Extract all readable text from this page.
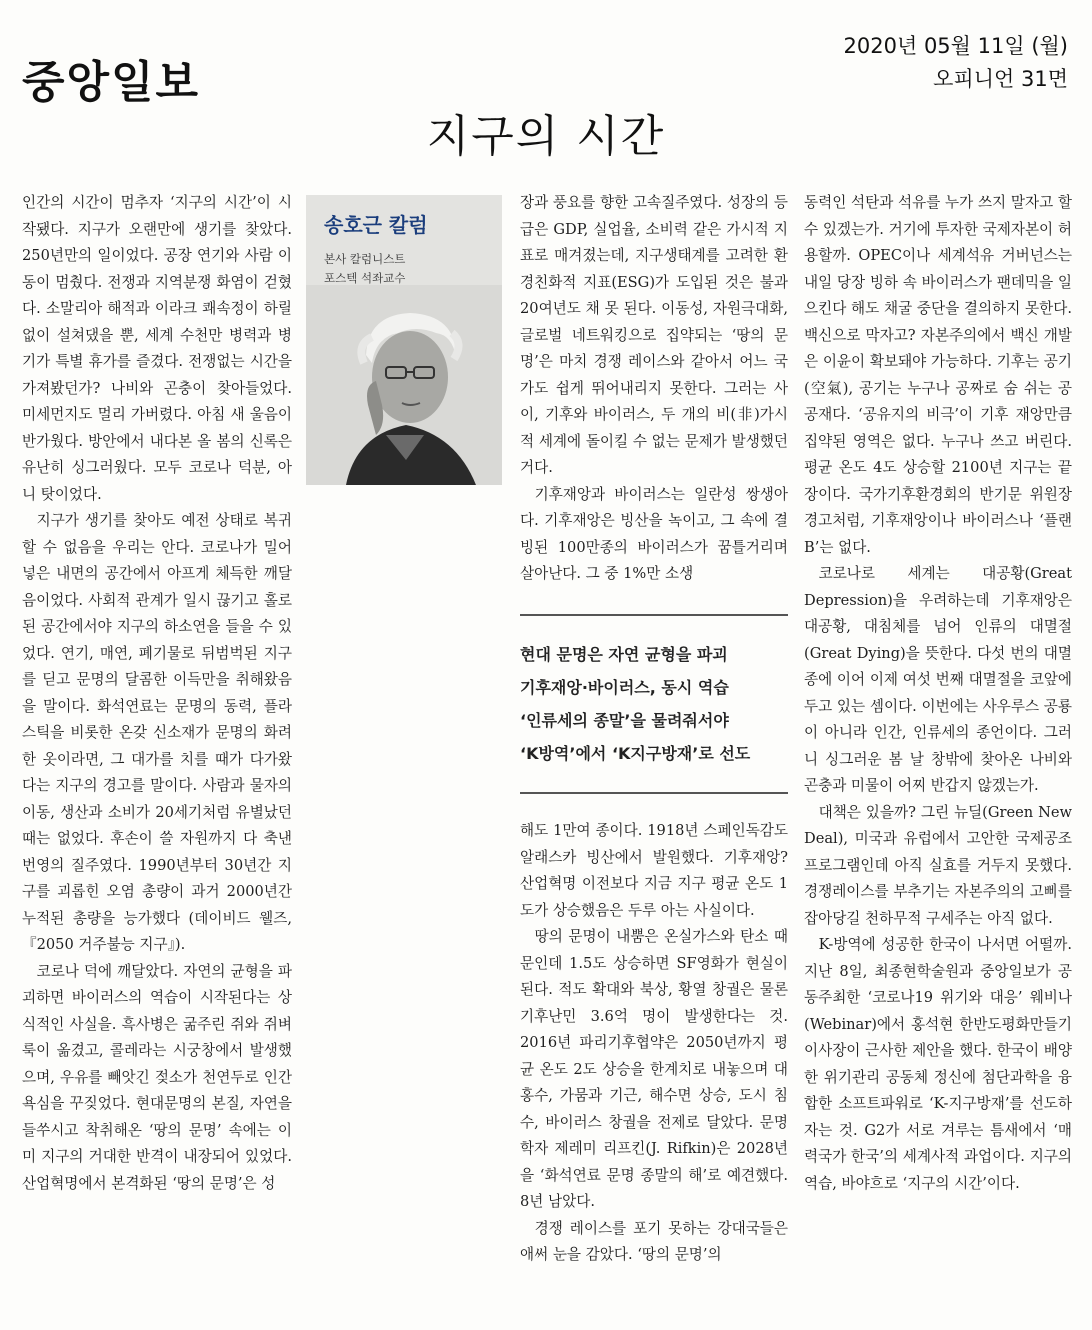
중앙일보
2020년 05월 11일 (월)
오피니언 31면
지구의 시간

인간의 시간이 멈추자 ‘지구의 시간’이 시작됐다. 지구가 오랜만에 생기를 찾았다. 250년만의 일이었다. 공장 연기와 사람 이동이 멈췄다. 전쟁과 지역분쟁 화염이 걷혔다. 소말리아 해적과 이라크 쾌속정이 하릴없이 설쳐댔을 뿐, 세계 수천만 병력과 병기가 특별 휴가를 즐겼다. 전쟁없는 시간을 가져봤던가? 나비와 곤충이 찾아들었다. 미세먼지도 멀리 가버렸다. 아침 새 울음이 반가웠다. 방안에서 내다본 올 봄의 신록은 유난히 싱그러웠다. 모두 코로나 덕분, 아니 탓이었다.

지구가 생기를 찾아도 예전 상태로 복귀할 수 없음을 우리는 안다. 코로나가 밀어 넣은 내면의 공간에서 아프게 체득한 깨달음이었다. 사회적 관계가 일시 끊기고 홀로된 공간에서야 지구의 하소연을 들을 수 있었다. 연기, 매연, 폐기물로 뒤범벅된 지구를 딛고 문명의 달콤한 이득만을 취해왔음을 말이다. 화석연료는 문명의 동력, 플라스틱을 비롯한 온갖 신소재가 문명의 화려한 옷이라면, 그 대가를 치를 때가 다가왔다는 지구의 경고를 말이다. 사람과 물자의 이동, 생산과 소비가 20세기처럼 유별났던 때는 없었다. 후손이 쓸 자원까지 다 축낸 번영의 질주였다. 1990년부터 30년간 지구를 괴롭힌 오염 총량이 과거 2000년간 누적된 총량을 능가했다 (데이비드 웰즈, 『2050 거주불능 지구』).

코로나 덕에 깨달았다. 자연의 균형을 파괴하면 바이러스의 역습이 시작된다는 상식적인 사실을. 흑사병은 굶주린 쥐와 쥐벼룩이 옮겼고, 콜레라는 시궁창에서 발생했으며, 우유를 빼앗긴 젖소가 천연두로 인간 욕심을 꾸짖었다. 현대문명의 본질, 자연을 들쑤시고 착취해온 ‘땅의 문명’ 속에는 이미 지구의 거대한 반격이 내장되어 있었다. 산업혁명에서 본격화된 ‘땅의 문명’은 성

송호근 칼럼
본사 칼럼니스트
포스텍 석좌교수

장과 풍요를 향한 고속질주였다. 성장의 등급은 GDP, 실업율, 소비력 같은 가시적 지표로 매겨졌는데, 지구생태계를 고려한 환경친화적 지표(ESG)가 도입된 것은 불과 20여년도 채 못 된다. 이동성, 자원극대화, 글로벌 네트워킹으로 집약되는 ‘땅의 문명’은 마치 경쟁 레이스와 같아서 어느 국가도 쉽게 뛰어내리지 못한다. 그러는 사이, 기후와 바이러스, 두 개의 비(非)가시적 세계에 돌이킬 수 없는 문제가 발생했던 거다.

기후재앙과 바이러스는 일란성 쌍생아다. 기후재앙은 빙산을 녹이고, 그 속에 결빙된 100만종의 바이러스가 꿈틀거리며 살아난다. 그 중 1%만 소생

현대 문명은 자연 균형을 파괴
기후재앙·바이러스, 동시 역습
‘인류세의 종말’을 물려줘서야
‘K방역’에서 ‘K지구방재’로 선도

해도 1만여 종이다. 1918년 스페인독감도 알래스카 빙산에서 발원했다. 기후재앙? 산업혁명 이전보다 지금 지구 평균 온도 1도가 상승했음은 두루 아는 사실이다.

땅의 문명이 내뿜은 온실가스와 탄소 때문인데 1.5도 상승하면 SF영화가 현실이 된다. 적도 확대와 북상, 황열 창궐은 물론 기후난민 3.6억 명이 발생한다는 것. 2016년 파리기후협약은 2050년까지 평균 온도 2도 상승을 한계치로 내놓으며 대홍수, 가뭄과 기근, 해수면 상승, 도시 침수, 바이러스 창궐을 전제로 달았다. 문명학자 제레미 리프킨(J. Rifkin)은 2028년을 ‘화석연료 문명 종말의 해’로 예견했다. 8년 남았다.

경쟁 레이스를 포기 못하는 강대국들은 애써 눈을 감았다. ‘땅의 문명’의

동력인 석탄과 석유를 누가 쓰지 말자고 할 수 있겠는가. 거기에 투자한 국제자본이 허용할까. OPEC이나 세계석유 거버넌스는 내일 당장 빙하 속 바이러스가 팬데믹을 일으킨다 해도 채굴 중단을 결의하지 못한다. 백신으로 막자고? 자본주의에서 백신 개발은 이윤이 확보돼야 가능하다. 기후는 공기(空氣), 공기는 누구나 공짜로 숨 쉬는 공공재다. ‘공유지의 비극’이 기후 재앙만큼 집약된 영역은 없다. 누구나 쓰고 버린다. 평균 온도 4도 상승할 2100년 지구는 끝장이다. 국가기후환경회의 반기문 위원장 경고처럼, 기후재앙이나 바이러스나 ‘플랜 B’는 없다.

코로나로 세계는 대공황(Great Depression)을 우려하는데 기후재앙은 대공황, 대침체를 넘어 인류의 대멸절(Great Dying)을 뜻한다. 다섯 번의 대멸종에 이어 이제 여섯 번째 대멸절을 코앞에 두고 있는 셈이다. 이번에는 사우루스 공룡이 아니라 인간, 인류세의 종언이다. 그러니 싱그러운 봄 날 창밖에 찾아온 나비와 곤충과 미물이 어찌 반갑지 않겠는가.

대책은 있을까? 그린 뉴딜(Green New Deal), 미국과 유럽에서 고안한 국제공조 프로그램인데 아직 실효를 거두지 못했다. 경쟁레이스를 부추기는 자본주의의 고삐를 잡아당길 천하무적 구세주는 아직 없다.

K-방역에 성공한 한국이 나서면 어떨까. 지난 8일, 최종현학술원과 중앙일보가 공동주최한 ‘코로나19 위기와 대응’ 웨비나(Webinar)에서 홍석현 한반도평화만들기 이사장이 근사한 제안을 했다. 한국이 배양한 위기관리 공동체 정신에 첨단과학을 융합한 소프트파워로 ‘K-지구방재’를 선도하자는 것. G2가 서로 겨루는 틈새에서 ‘매력국가 한국’의 세계사적 과업이다. 지구의 역습, 바야흐로 ‘지구의 시간’이다.
